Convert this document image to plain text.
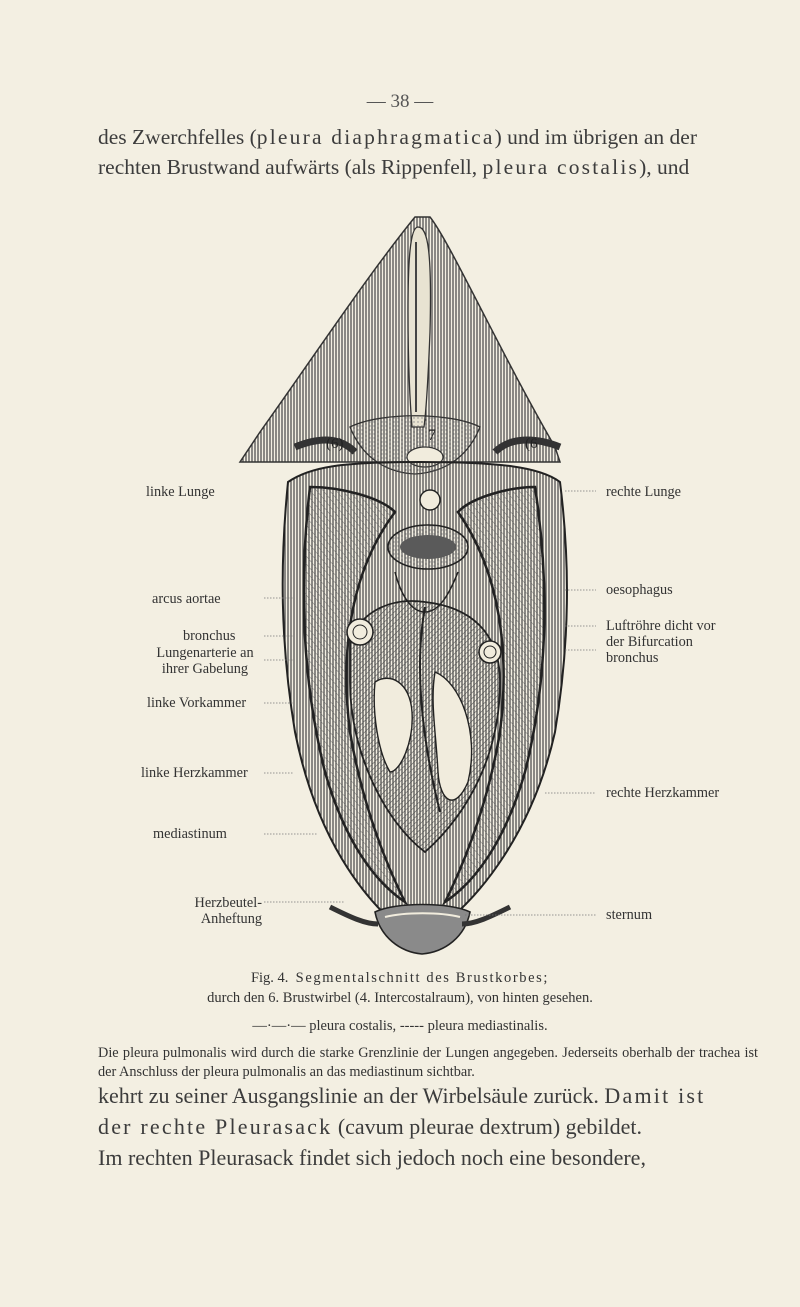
— 38 —
des Zwerchfelles (pleura diaphragmatica) und im übrigen an der
rechten Brustwand aufwärts (als Rippenfell, pleura costalis), und
(6)	7	(6
linke Lunge
arcus aortae
bronchus
Lungenarterie an
ihrer Gabelung
linke Vorkammer
linke Herzkammer
mediastinum
Herzbeutel-
Anheftung
rechte Lunge
oesophagus
Luftröhre dicht vor
der Bifurcation
bronchus
rechte Herzkammer
sternum
Fig. 4. Segmentalschnitt des Brustkorbes;
durch den 6. Brustwirbel (4. Intercostalraum), von hinten gesehen.
—·—·— pleura costalis, ----- pleura mediastinalis.

Die pleura pulmonalis wird durch die starke Grenzlinie der Lungen angegeben. Jederseits oberhalb der trachea ist der Anschluss der pleura pulmonalis an das mediastinum sichtbar.

kehrt zu seiner Ausgangslinie an der Wirbelsäule zurück. Damit ist
der rechte Pleurasack (cavum pleurae dextrum) gebildet.
Im rechten Pleurasack findet sich jedoch noch eine besondere,
